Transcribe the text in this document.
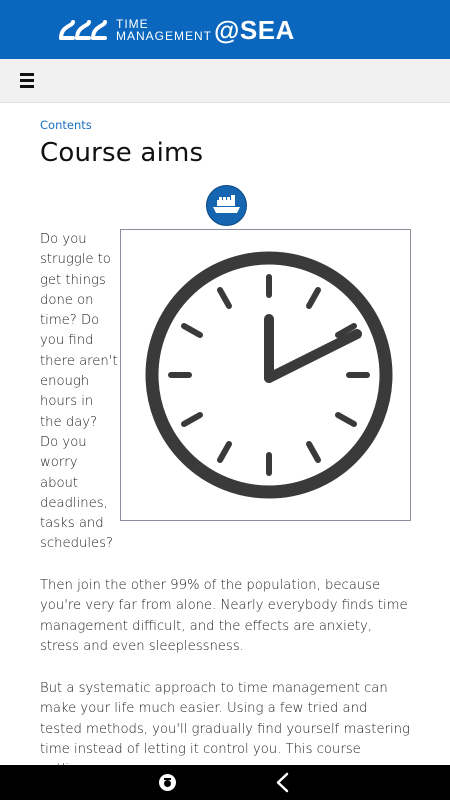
TIME
MANAGEMENT @SEA
Contents
Course aims
Do you struggle to get things done on time? Do you find there aren't enough hours in the day? Do you worry about deadlines, tasks and schedules?
Then join the other 99% of the population, because you're very far from alone. Nearly everybody finds time management difficult, and the effects are anxiety, stress and even sleeplessness.
But a systematic approach to time management can make your life much easier. Using a few tried and tested methods, you'll gradually find yourself mastering time instead of letting it control you. This course
